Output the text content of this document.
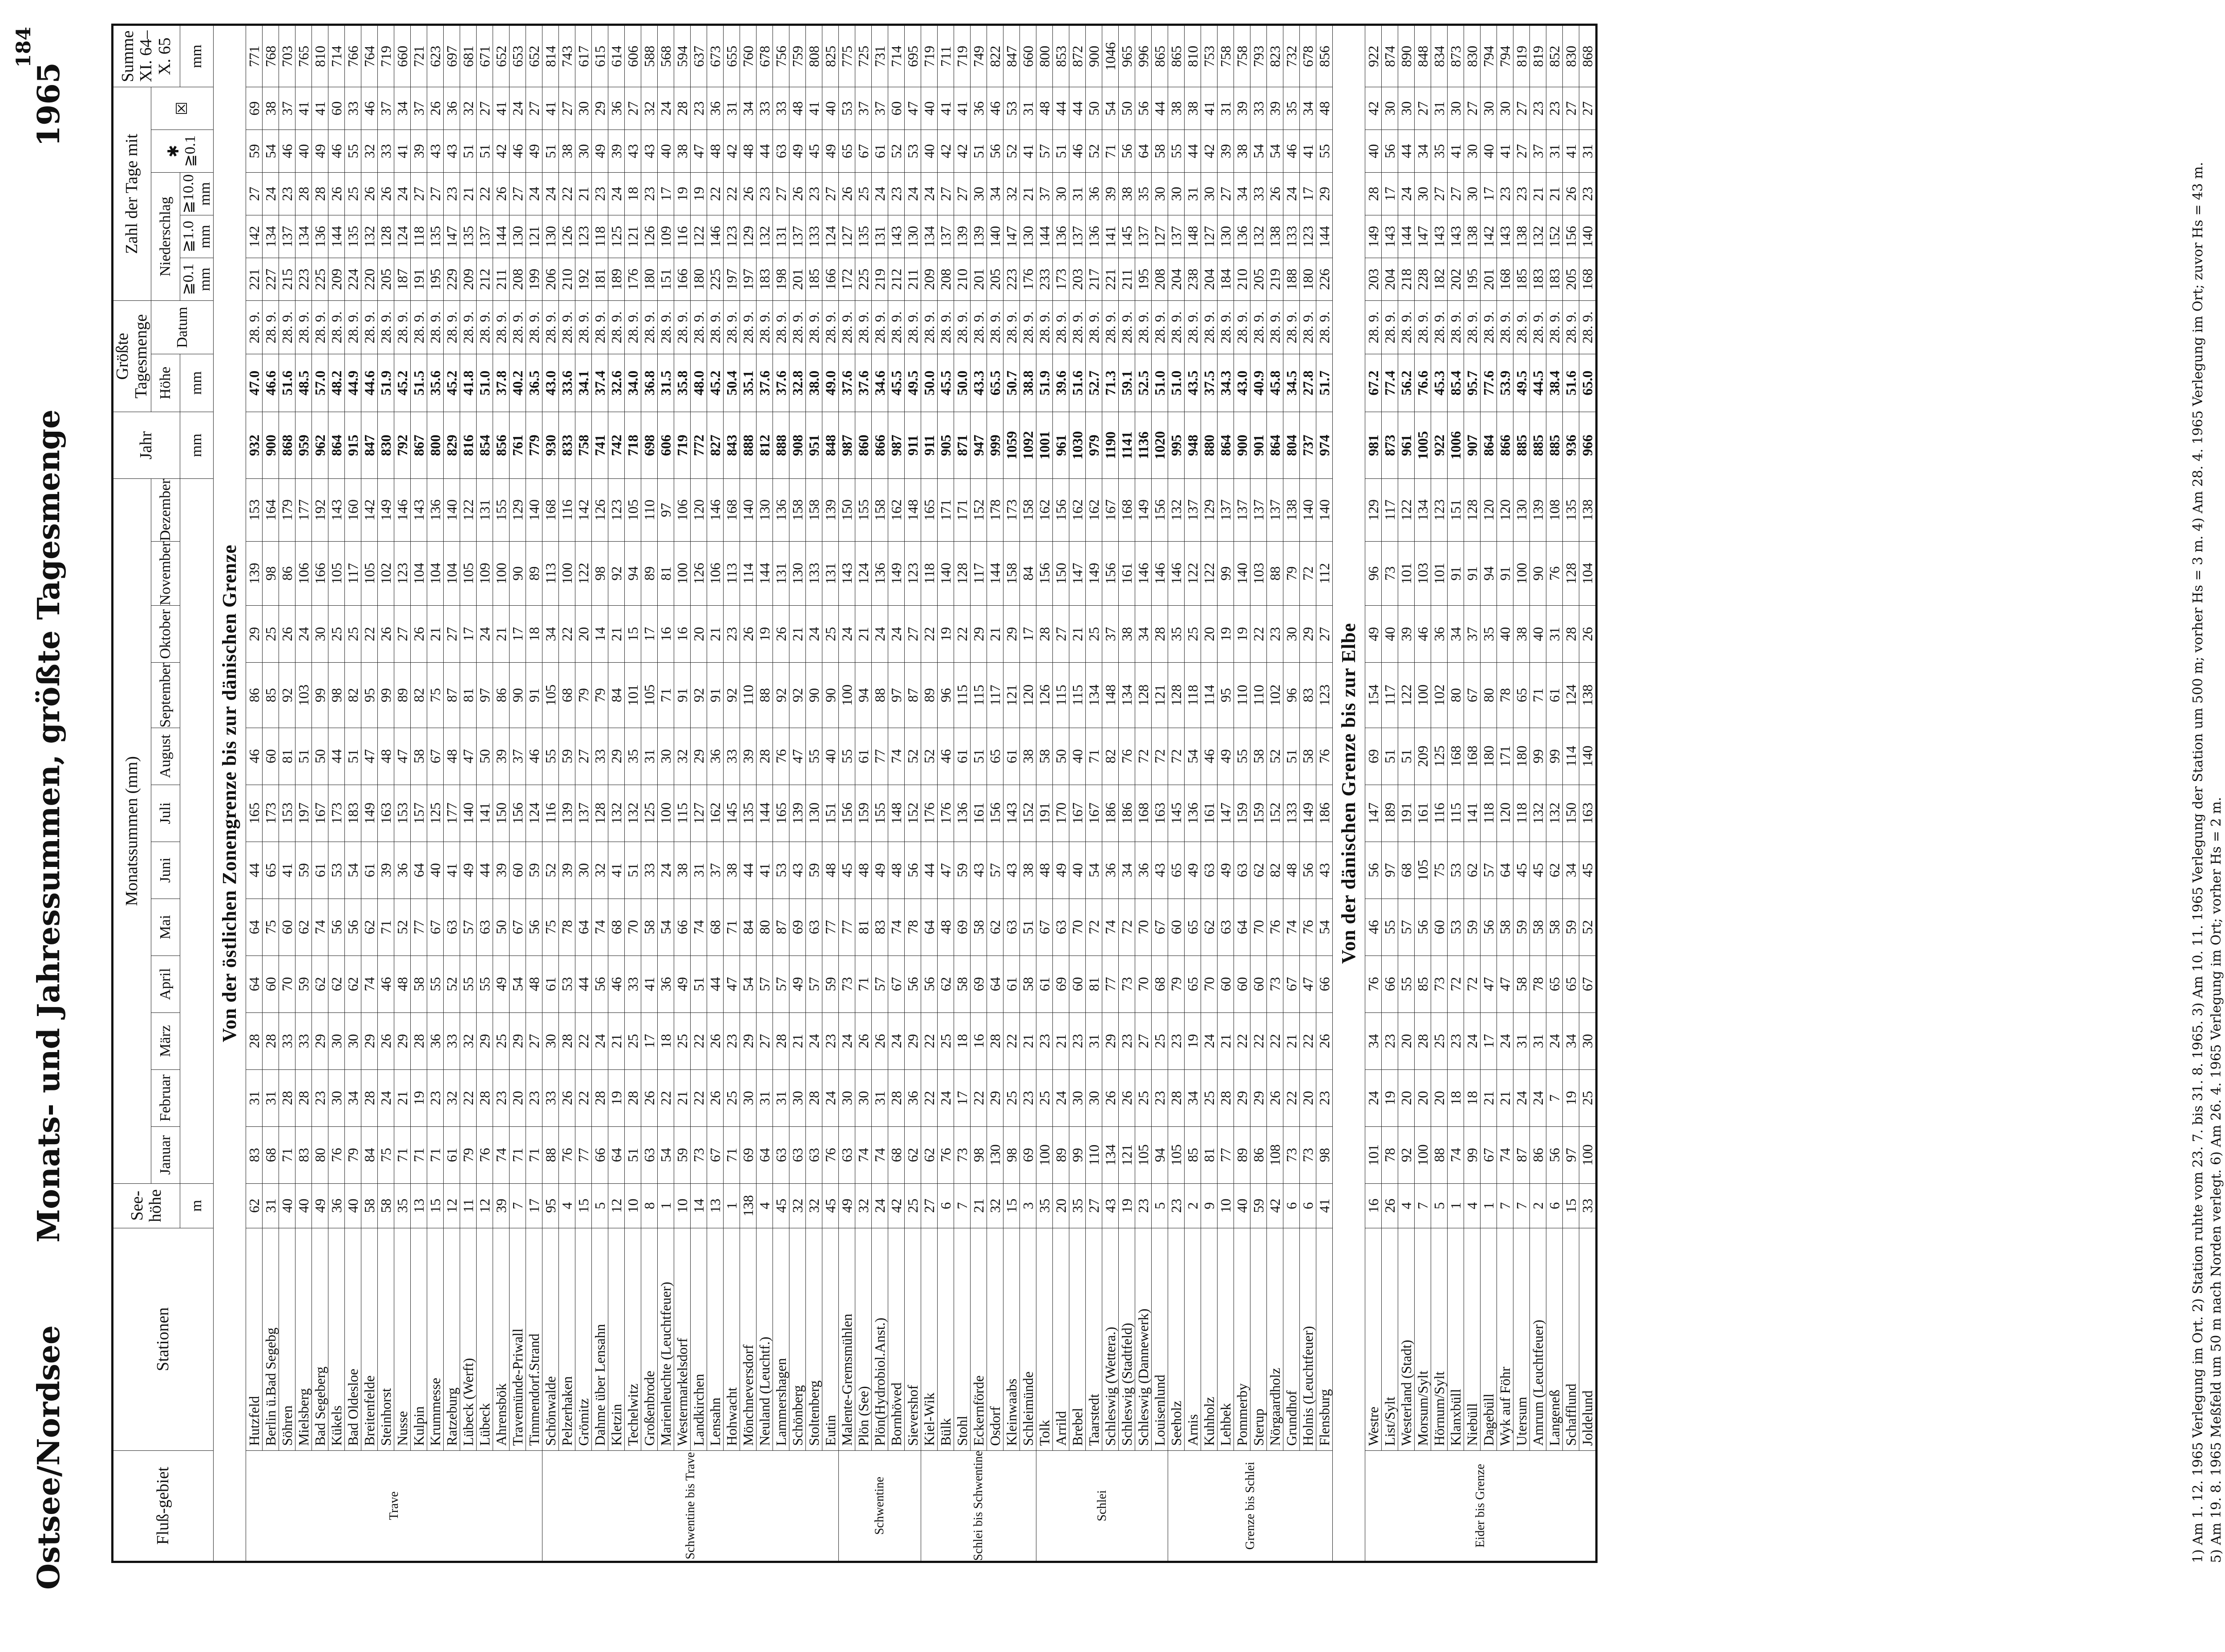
184
Ostsee/Nordsee
Monats- und Jahressummen, größte Tagesmenge
1965
Fluß-gebiet	Stationen	See-höhe	Monatssummen (mm)												Jahr	Größte Tagesmenge		Zahl der Tage mit					Summe XI. 64–X. 65
			Januar	Februar	März	April	Mai	Juni	Juli	August	September	Oktober	November	Dezember		Höhe	Datum	Niederschlag			✱
≧0.1	☒	
		m													mm	mm		≧0.1 mm	≧1.0 mm	≧10.0 mm			mm
Von der östlichen Zonengrenze bis zur dänischen Grenze																							
Trave	Hutzfeld	62	83	31	28	64	64	44	165	46	86	29	139	153	932	47.0	28. 9.	221	142	27	59	69	771
	Berlin ü.Bad Segebg	31	68	31	28	60	75	65	173	60	85	25	98	164	900	46.6	28. 9.	227	134	24	54	38	768
	Söhren	40	71	28	33	70	60	41	153	81	92	26	86	179	868	51.6	28. 9.	215	137	23	46	37	703
	Mielsberg	40	83	28	33	59	62	59	197	51	103	24	106	177	959	48.5	28. 9.	223	134	28	40	41	765
	Bad Segeberg	49	80	23	29	62	74	61	167	50	99	30	166	192	962	57.0	28. 9.	225	136	28	49	41	810
	Kükels	36	76	30	30	62	56	53	173	44	98	25	105	143	864	48.2	28. 9.	209	144	26	46	60	714
	Bad Oldesloe	40	79	34	30	62	56	54	183	51	82	25	117	160	915	44.9	28. 9.	224	135	25	55	33	766
	Breitenfelde	58	84	28	29	74	62	61	149	47	95	22	105	142	847	44.6	28. 9.	220	132	26	32	46	764
	Steinhorst	58	75	24	26	46	71	39	163	48	99	26	102	149	830	51.9	28. 9.	205	128	26	33	37	719
	Nusse	35	71	21	29	48	52	36	153	47	89	27	123	146	792	45.2	28. 9.	187	124	24	41	34	660
	Kulpin	13	71	19	28	58	77	64	157	58	82	26	104	143	867	51.5	28. 9.	191	118	27	39	37	721
	Krummesse	15	71	23	36	55	67	40	125	67	75	21	104	136	800	35.6	28. 9.	195	135	27	43	26	623
	Ratzeburg	12	61	32	33	52	63	41	177	48	87	27	104	140	829	45.2	28. 9.	229	147	23	43	36	697
	Lübeck (Werft)	11	79	22	32	55	57	49	140	47	81	17	105	122	816	41.8	28. 9.	209	135	21	51	32	681
	Lübeck	12	76	28	29	55	63	44	141	50	97	24	109	131	854	51.0	28. 9.	212	137	22	51	27	671
	Ahrensbök	39	74	23	25	49	50	39	150	39	86	21	100	155	856	37.8	28. 9.	211	144	26	42	41	652
	Travemünde-Priwall	7	71	20	29	54	67	60	156	37	90	17	90	129	761	40.2	28. 9.	208	130	27	46	24	653
	Timmendorf.Strand	17	71	23	27	48	56	59	124	46	91	18	89	140	779	36.5	28. 9.	199	121	24	49	27	652
Schwentine bis Trave	Schönwalde	95	88	33	30	61	75	52	116	55	105	34	113	168	930	43.0	28. 9.	206	130	24	51	41	814
	Pelzerhaken	4	76	26	28	53	78	39	139	59	68	22	100	116	833	33.6	28. 9.	210	126	22	38	27	743
	Grömitz	15	77	22	22	44	64	30	137	27	79	20	122	142	758	34.1	28. 9.	192	123	21	30	30	617
	Dahme über Lensahn	5	66	28	24	56	74	32	128	33	79	14	98	126	741	37.4	28. 9.	181	118	23	49	29	615
	Kletzin	12	64	19	21	46	68	41	132	29	84	21	92	123	742	32.6	28. 9.	189	125	24	39	36	614
	Techelwitz	10	51	28	25	33	70	51	132	35	101	15	94	105	718	34.0	28. 9.	176	121	18	43	27	606
	Großenbrode	8	63	26	17	41	58	33	125	31	105	17	89	110	698	36.8	28. 9.	180	126	23	43	32	588
	Marienleuchte (Leuchtfeuer)	1	54	22	18	36	54	24	100	30	71	16	81	97	606	31.5	28. 9.	151	109	17	40	24	568
	Westermarkelsdorf	10	59	21	25	49	66	38	115	32	91	16	100	106	719	35.8	28. 9.	166	116	19	38	28	594
	Landkirchen	14	73	22	22	51	74	31	127	29	92	20	126	120	772	48.0	28. 9.	180	122	19	47	23	637
	Lensahn	13	67	26	26	44	68	37	162	36	91	21	106	146	827	45.2	28. 9.	225	146	22	48	36	673
	Hohwacht	1	71	25	23	47	71	38	145	33	92	23	113	168	843	50.4	28. 9.	197	123	22	42	31	655
	Mönchneversdorf	138	69	30	29	54	84	44	135	39	110	26	114	140	888	35.1	28. 9.	197	129	26	48	34	760
	Neuland (Leuchtf.)	4	64	31	27	57	80	41	144	28	88	19	144	130	812	37.6	28. 9.	183	132	23	44	33	678
	Lammershagen	45	63	31	28	57	87	53	165	76	92	26	131	136	888	37.6	28. 9.	198	131	27	63	33	756
	Schönberg	32	63	30	21	49	69	43	139	47	92	21	130	158	908	32.8	28. 9.	201	137	26	49	48	759
	Stoltenberg	32	63	28	24	57	63	59	130	55	90	24	133	158	951	38.0	28. 9.	185	133	23	45	41	808
	Eutin	45	76	24	23	59	77	48	151	40	90	25	131	139	848	49.0	28. 9.	166	124	27	49	40	825
Schwentine	Malente-Gremsmühlen	49	63	30	24	73	77	45	156	55	100	24	143	150	987	37.6	28. 9.	172	127	26	65	53	775
	Plön (See)	32	74	30	26	71	81	48	159	61	94	21	124	155	860	37.6	28. 9.	225	135	25	67	37	725
	Plön(Hydrobiol.Anst.)	24	74	31	26	57	83	49	155	77	88	24	136	158	866	34.6	28. 9.	219	131	24	61	37	731
	Bornhöved	42	68	28	24	67	74	48	148	74	97	24	149	162	987	45.5	28. 9.	212	143	23	52	60	714
	Sievershof	25	62	36	29	56	78	56	152	52	87	27	123	148	911	49.5	28. 9.	211	130	24	53	47	695
Schlei bis Schwentine	Kiel-Wik	27	62	22	22	56	64	44	176	52	89	22	118	165	911	50.0	28. 9.	209	134	24	40	40	719
	Bülk	6	76	24	25	62	48	47	176	46	96	19	140	171	905	45.5	28. 9.	208	137	27	42	41	711
	Stohl	7	73	17	18	58	69	59	136	61	115	22	128	171	871	50.0	28. 9.	210	139	27	42	41	719
	Eckernförde	21	98	22	16	69	58	43	161	51	115	29	117	152	947	43.3	28. 9.	201	139	30	51	36	749
	Osdorf	32	130	29	28	64	62	57	156	65	117	21	144	178	999	65.5	28. 9.	205	140	34	56	46	822
	Kleinwaabs	15	98	25	22	61	63	43	143	61	121	29	158	173	1059	50.7	28. 9.	223	147	32	52	53	847
	Schleimünde	3	69	23	21	58	51	38	152	38	120	17	84	158	1092	38.8	28. 9.	176	130	21	41	31	660
Schlei	Tolk	35	100	25	23	61	67	48	191	58	126	28	156	162	1001	51.9	28. 9.	233	144	37	57	48	800
	Arrild	20	89	24	21	69	63	49	170	50	115	27	150	156	961	39.6	28. 9.	173	136	30	51	44	853
	Brebel	35	99	30	23	60	70	40	167	40	115	21	147	162	1030	51.6	28. 9.	203	137	31	46	44	872
	Taarstedt	27	110	30	31	81	72	54	167	71	134	25	149	162	979	52.7	28. 9.	217	136	36	52	50	900
	Schleswig (Wettera.)	43	134	26	29	77	74	36	186	82	148	37	156	167	1190	71.3	28. 9.	221	141	39	71	54	1046
	Schleswig (Stadtfeld)	19	121	26	23	73	72	34	186	76	134	38	161	168	1141	59.1	28. 9.	211	145	38	56	50	965
	Schleswig (Dannewerk)	23	105	25	27	70	70	36	168	72	128	34	146	149	1136	52.5	28. 9.	195	137	35	64	56	996
	Louisenlund	5	94	23	25	68	67	43	163	72	121	28	146	156	1020	51.0	28. 9.	208	127	30	58	44	865
Grenze bis Schlei	Seeholz	23	105	28	23	79	60	65	145	72	128	35	146	132	995	51.0	28. 9.	204	137	30	55	38	865
	Arnis	2	85	34	19	65	65	49	136	54	118	25	122	137	948	43.5	28. 9.	238	148	31	44	38	810
	Kuhholz	9	81	25	24	70	62	63	161	46	114	20	122	129	880	37.5	28. 9.	204	127	30	42	41	753
	Lehbek	10	77	28	21	60	63	49	147	49	95	19	99	137	864	34.3	28. 9.	184	130	27	39	31	758
	Pommerby	40	89	29	22	60	64	63	159	55	110	19	140	137	900	43.0	28. 9.	210	136	34	38	39	758
	Sterup	59	86	29	22	60	70	62	159	58	110	22	103	137	901	40.9	28. 9.	205	132	33	54	33	793
	Nörgaardholz	42	108	26	22	73	76	82	152	52	102	23	88	137	864	45.8	28. 9.	219	138	26	54	39	823
	Grundhof	6	73	22	21	67	74	48	133	51	96	30	79	138	804	34.5	28. 9.	188	133	24	46	35	732
	Holnis (Leuchtfeuer)	6	73	20	22	47	76	56	149	58	83	29	72	140	737	27.8	28. 9.	180	123	17	41	34	678
	Flensburg	41	98	23	26	66	54	43	186	76	123	27	112	140	974	51.7	28. 9.	226	144	29	55	48	856
Von der dänischen Grenze bis zur Elbe																							
Eider bis Grenze	Westre	16	101	24	34	76	46	56	147	69	154	49	96	129	981	67.2	28. 9.	203	149	28	40	42	922
	List/Sylt	26	78	19	23	66	55	97	189	51	117	40	73	117	873	77.4	28. 9.	204	143	17	56	30	874
	Westerland (Stadt)	4	92	20	20	55	57	68	191	51	122	39	101	122	961	56.2	28. 9.	218	144	24	44	30	890
	Morsum/Sylt	7	100	20	28	85	56	105	161	209	100	46	103	134	1005	76.6	28. 9.	228	147	30	34	27	848
	Hörnum/Sylt	5	88	20	25	73	60	75	116	125	102	36	101	123	922	45.3	28. 9.	182	143	27	35	31	834
	Klanxbüll	1	74	18	23	72	53	53	115	168	80	34	91	151	1006	85.4	28. 9.	202	143	27	41	30	873
	Niebüll	4	99	18	24	72	59	62	141	168	67	37	91	128	907	95.7	28. 9.	195	138	30	30	27	830
	Dagebüll	1	67	21	17	47	56	57	118	180	80	35	94	120	864	77.6	28. 9.	201	142	17	40	30	794
	Wyk auf Föhr	7	74	21	24	47	58	64	120	171	78	40	91	120	866	53.9	28. 9.	168	143	23	41	30	794
	Utersum	7	87	24	31	58	59	45	118	180	65	38	100	130	885	49.5	28. 9.	185	138	23	27	27	819
	Amrum (Leuchtfeuer)	2	86	24	31	78	58	45	132	99	71	40	90	139	885	44.5	28. 9.	183	132	21	37	23	819
	Langeneß	6	56	7	24	65	58	62	132	99	61	31	76	108	885	38.4	28. 9.	183	152	21	31	23	852
	Schafflund	15	97	19	34	65	59	34	150	114	124	28	128	135	936	51.6	28. 9.	205	156	26	41	27	830
	Joldelund	33	100	25	30	67	52	45	163	140	138	26	104	138	966	65.0	28. 9.	168	140	23	31	27	868
1) Am 1. 12. 1965 Verlegung im Ort. 2) Station ruhte vom 23. 7. bis 31. 8. 1965. 3) Am 10. 11. 1965 Verlegung der Station um 500 m; vorher Hs = 3 m. 4) Am 28. 4. 1965 Verlegung im Ort; zuvor Hs = 43 m. 5) Am 19. 8. 1965 Meßfeld um 50 m nach Norden verlegt. 6) Am 26. 4. 1965 Verlegung im Ort; vorher Hs = 2 m.
